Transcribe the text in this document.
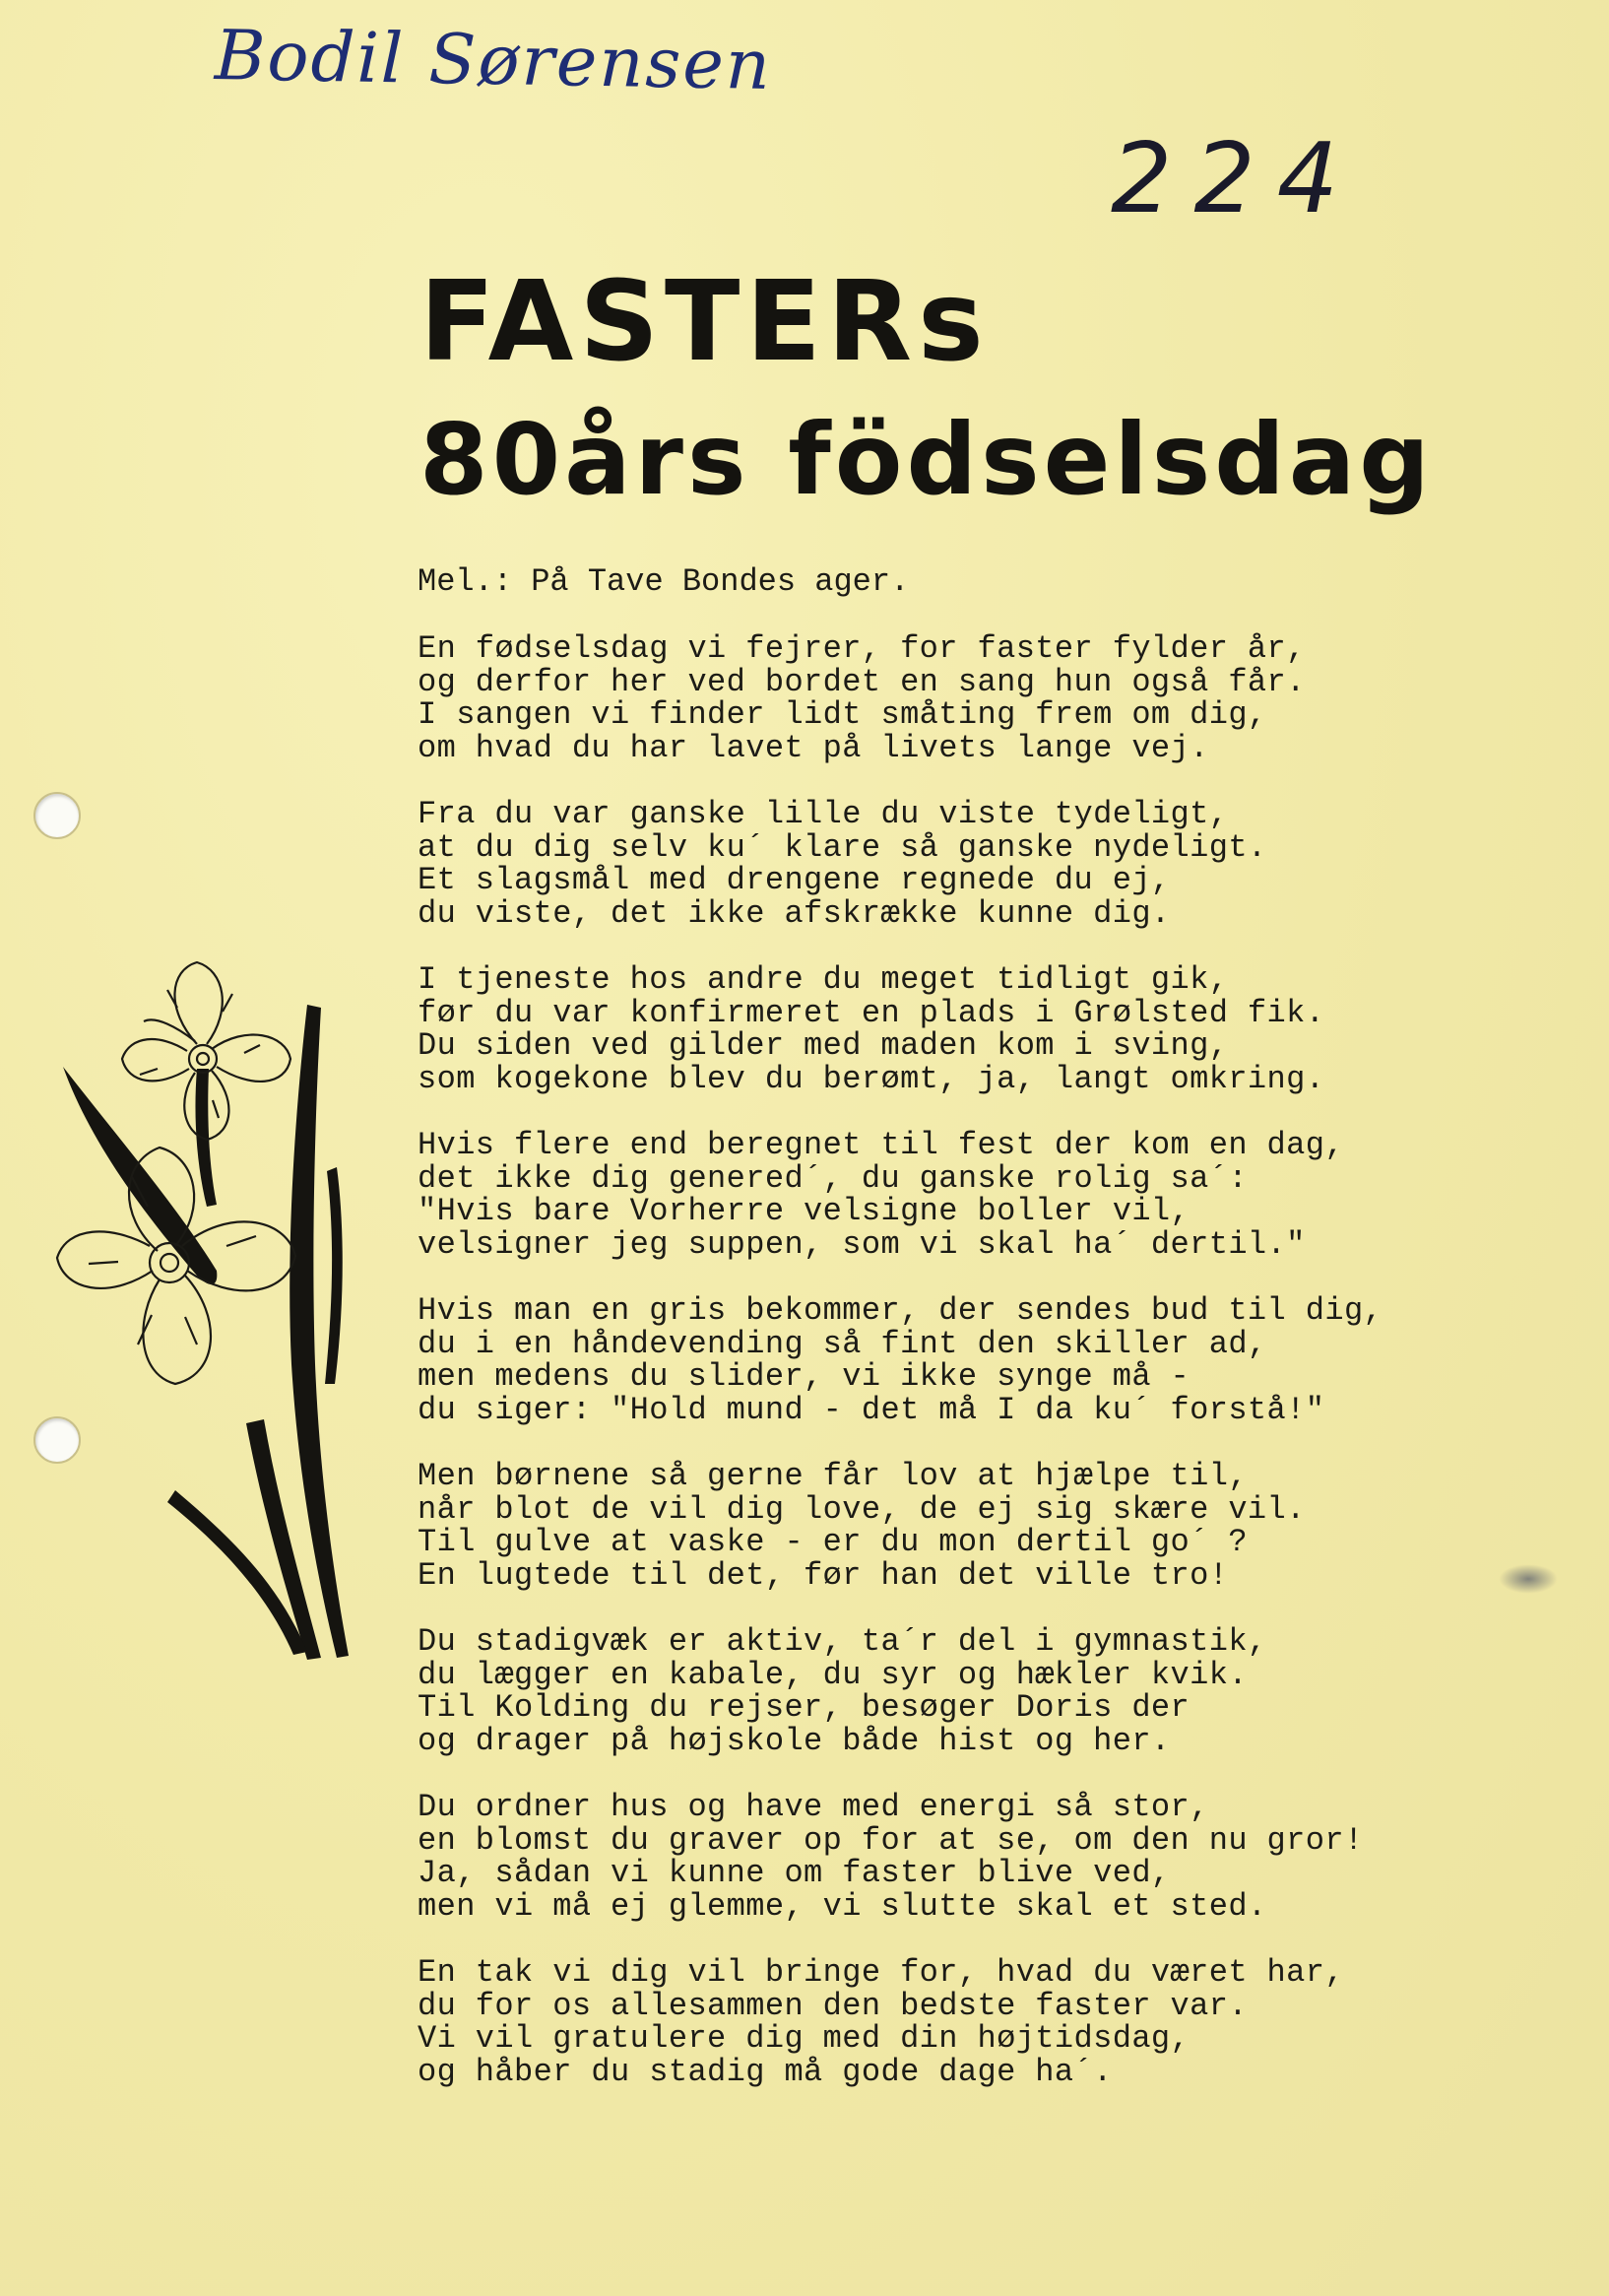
Bodil Sørensen
224
FASTERs
80års födselsdag
Mel.: På Tave Bondes ager.
En fødselsdag vi fejrer, for faster fylder år,
og derfor her ved bordet en sang hun også får.
I sangen vi finder lidt småting frem om dig,
om hvad du har lavet på livets lange vej.
Fra du var ganske lille du viste tydeligt,
at du dig selv ku´ klare så ganske nydeligt.
Et slagsmål med drengene regnede du ej,
du viste, det ikke afskrække kunne dig.
I tjeneste hos andre du meget tidligt gik,
før du var konfirmeret en plads i Grølsted fik.
Du siden ved gilder med maden kom i sving,
som kogekone blev du berømt, ja, langt omkring.
Hvis flere end beregnet til fest der kom en dag,
det ikke dig genered´, du ganske rolig sa´:
"Hvis bare Vorherre velsigne boller vil,
velsigner jeg suppen, som vi skal ha´ dertil."
Hvis man en gris bekommer, der sendes bud til dig,
du i en håndevending så fint den skiller ad,
men medens du slider, vi ikke synge må -
du siger: "Hold mund - det må I da ku´ forstå!"
Men børnene så gerne får lov at hjælpe til,
når blot de vil dig love, de ej sig skære vil.
Til gulve at vaske - er du mon dertil go´ ?
En lugtede til det, før han det ville tro!
Du stadigvæk er aktiv, ta´r del i gymnastik,
du lægger en kabale, du syr og hækler kvik.
Til Kolding du rejser, besøger Doris der
og drager på højskole både hist og her.
Du ordner hus og have med energi så stor,
en blomst du graver op for at se, om den nu gror!
Ja, sådan vi kunne om faster blive ved,
men vi må ej glemme, vi slutte skal et sted.
En tak vi dig vil bringe for, hvad du været har,
du for os allesammen den bedste faster var.
Vi vil gratulere dig med din højtidsdag,
og håber du stadig må gode dage ha´.
